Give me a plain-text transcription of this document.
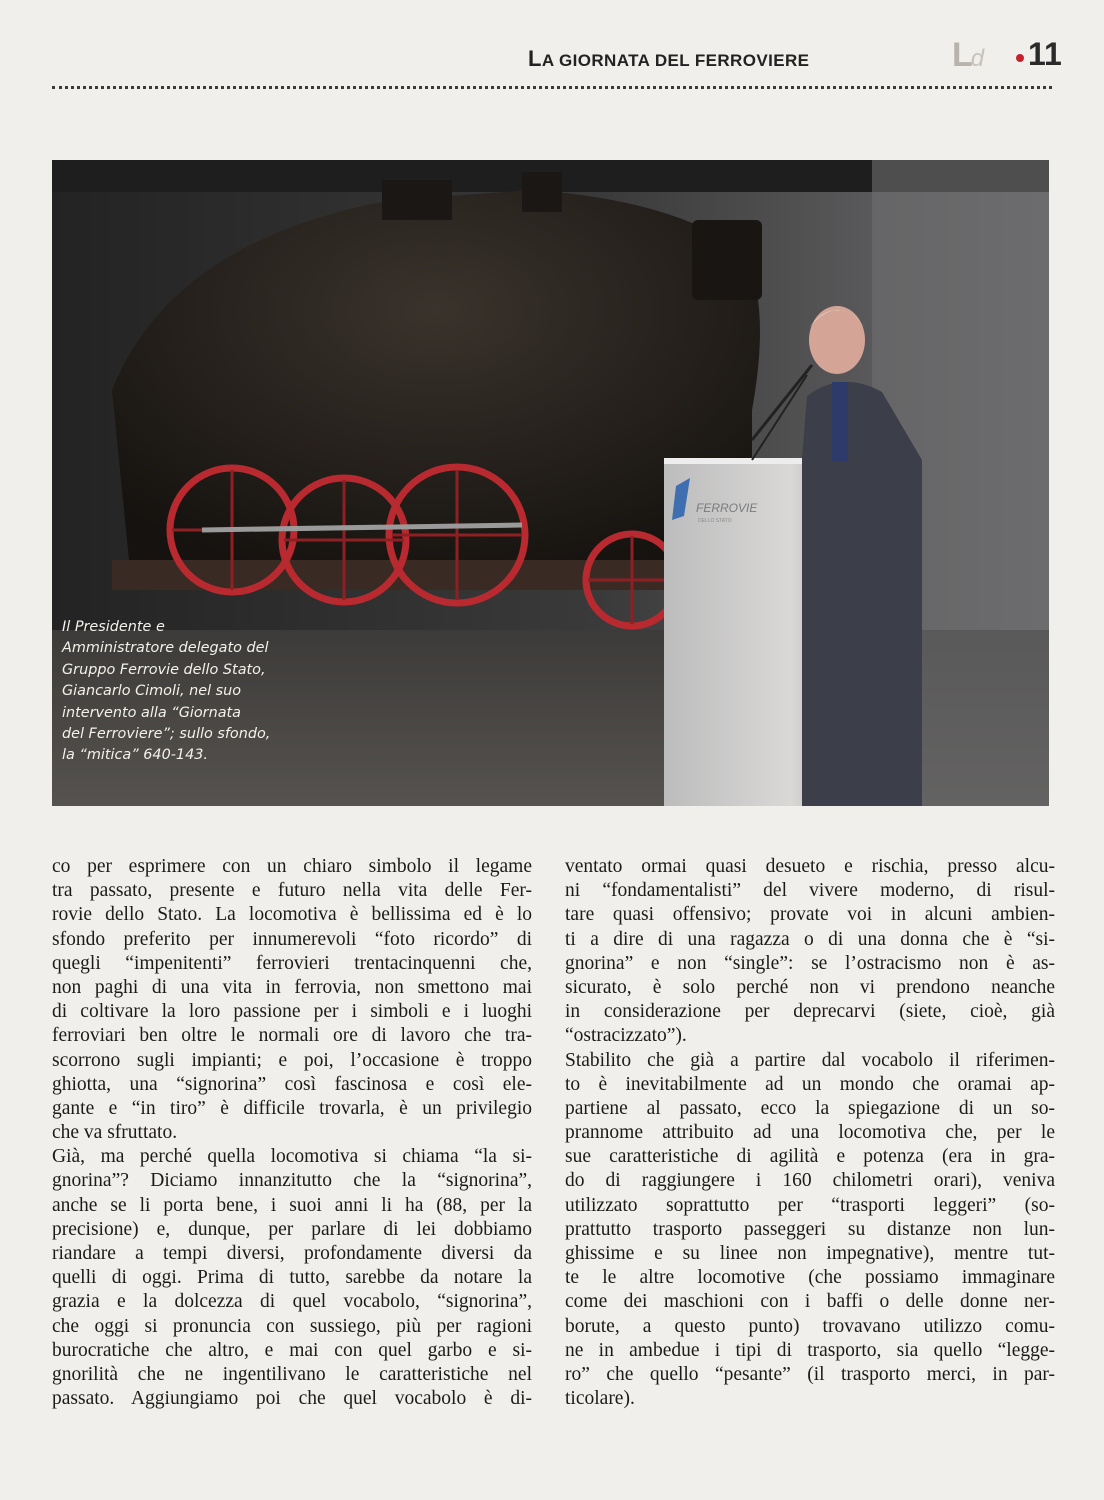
LA GIORNATA DEL FERROVIERE	Ld 11
FERROVIE
DELLO STATO
Il Presidente e
Amministratore delegato del
Gruppo Ferrovie dello Stato,
Giancarlo Cimoli, nel suo
intervento alla “Giornata
del Ferroviere”; sullo sfondo,
la “mitica” 640-143.
co per esprimere con un chiaro simbolo il legame
tra passato, presente e futuro nella vita delle Fer-
rovie dello Stato. La locomotiva è bellissima ed è lo
sfondo preferito per innumerevoli “foto ricordo” di
quegli “impenitenti” ferrovieri trentacinquenni che,
non paghi di una vita in ferrovia, non smettono mai
di coltivare la loro passione per i simboli e i luoghi
ferroviari ben oltre le normali ore di lavoro che tra-
scorrono sugli impianti; e poi, l’occasione è troppo
ghiotta, una “signorina” così fascinosa e così ele-
gante e “in tiro” è difficile trovarla, è un privilegio
che va sfruttato.
Già, ma perché quella locomotiva si chiama “la si-
gnorina”? Diciamo innanzitutto che la “signorina”,
anche se li porta bene, i suoi anni li ha (88, per la
precisione) e, dunque, per parlare di lei dobbiamo
riandare a tempi diversi, profondamente diversi da
quelli di oggi. Prima di tutto, sarebbe da notare la
grazia e la dolcezza di quel vocabolo, “signorina”,
che oggi si pronuncia con sussiego, più per ragioni
burocratiche che altro, e mai con quel garbo e si-
gnorilità che ne ingentilivano le caratteristiche nel
passato. Aggiungiamo poi che quel vocabolo è di-
ventato ormai quasi desueto e rischia, presso alcu-
ni “fondamentalisti” del vivere moderno, di risul-
tare quasi offensivo; provate voi in alcuni ambien-
ti a dire di una ragazza o di una donna che è “si-
gnorina” e non “single”: se l’ostracismo non è as-
sicurato, è solo perché non vi prendono neanche
in considerazione per deprecarvi (siete, cioè, già
“ostracizzato”).
Stabilito che già a partire dal vocabolo il riferimen-
to è inevitabilmente ad un mondo che oramai ap-
partiene al passato, ecco la spiegazione di un so-
prannome attribuito ad una locomotiva che, per le
sue caratteristiche di agilità e potenza (era in gra-
do di raggiungere i 160 chilometri orari), veniva
utilizzato soprattutto per “trasporti leggeri” (so-
prattutto trasporto passeggeri su distanze non lun-
ghissime e su linee non impegnative), mentre tut-
te le altre locomotive (che possiamo immaginare
come dei maschioni con i baffi o delle donne ner-
borute, a questo punto) trovavano utilizzo comu-
ne in ambedue i tipi di trasporto, sia quello “legge-
ro” che quello “pesante” (il trasporto merci, in par-
ticolare).
